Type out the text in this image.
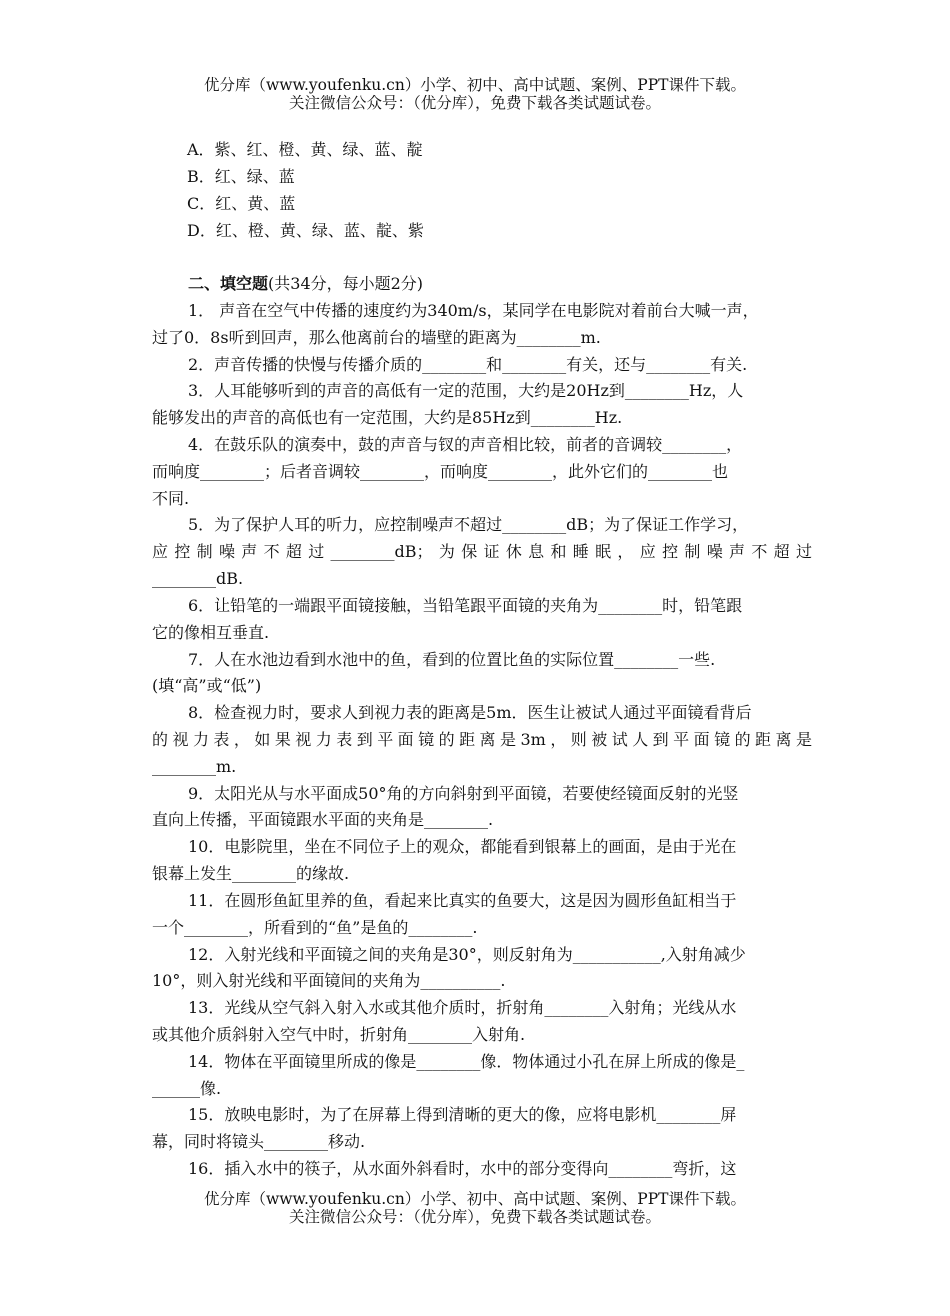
优分库（www.youfenku.cn）小学、初中、高中试题、案例、PPT课件下载。
关注微信公众号：（优分库），免费下载各类试题试卷。
A．紫、红、橙、黄、绿、蓝、靛
B．红、绿、蓝
C．红、黄、蓝
D．红、橙、黄、绿、蓝、靛、紫
二、填空题(共34分，每小题2分)
1． 声音在空气中传播的速度约为340m/s，某同学在电影院对着前台大喊一声，
过了0．8s听到回声，那么他离前台的墙壁的距离为________m.
2．声音传播的快慢与传播介质的________和________有关，还与________有关.
3．人耳能够听到的声音的高低有一定的范围，大约是20Hz到________Hz，人
能够发出的声音的高低也有一定范围，大约是85Hz到________Hz.
4．在鼓乐队的演奏中，鼓的声音与钗的声音相比较，前者的音调较________，
而响度________；后者音调较________，而响度________，此外它们的________也
不同.
5．为了保护人耳的听力，应控制噪声不超过________dB；为了保证工作学习，
应控制噪声不超过________dB；为保证休息和睡眠，应控制噪声不超过
________dB.
6．让铅笔的一端跟平面镜接触，当铅笔跟平面镜的夹角为________时，铅笔跟
它的像相互垂直.
7．人在水池边看到水池中的鱼，看到的位置比鱼的实际位置________一些.
(填“高”或“低”)
8．检查视力时，要求人到视力表的距离是5m．医生让被试人通过平面镜看背后
的视力表，如果视力表到平面镜的距离是3m，则被试人到平面镜的距离是
________m.
9．太阳光从与水平面成50°角的方向斜射到平面镜，若要使经镜面反射的光竖
直向上传播，平面镜跟水平面的夹角是________.
10．电影院里，坐在不同位子上的观众，都能看到银幕上的画面，是由于光在
银幕上发生________的缘故.
11．在圆形鱼缸里养的鱼，看起来比真实的鱼要大，这是因为圆形鱼缸相当于
一个________，所看到的“鱼”是鱼的________.
12．入射光线和平面镜之间的夹角是30°，则反射角为___________,入射角减少
10°，则入射光线和平面镜间的夹角为__________.
13．光线从空气斜入射入水或其他介质时，折射角________入射角；光线从水
或其他介质斜射入空气中时，折射角________入射角.
14．物体在平面镜里所成的像是________像．物体通过小孔在屏上所成的像是_
______像.
15．放映电影时，为了在屏幕上得到清晰的更大的像，应将电影机________屏
幕，同时将镜头________移动.
16．插入水中的筷子，从水面外斜看时，水中的部分变得向________弯折，这
优分库（www.youfenku.cn）小学、初中、高中试题、案例、PPT课件下载。
关注微信公众号：（优分库），免费下载各类试题试卷。
